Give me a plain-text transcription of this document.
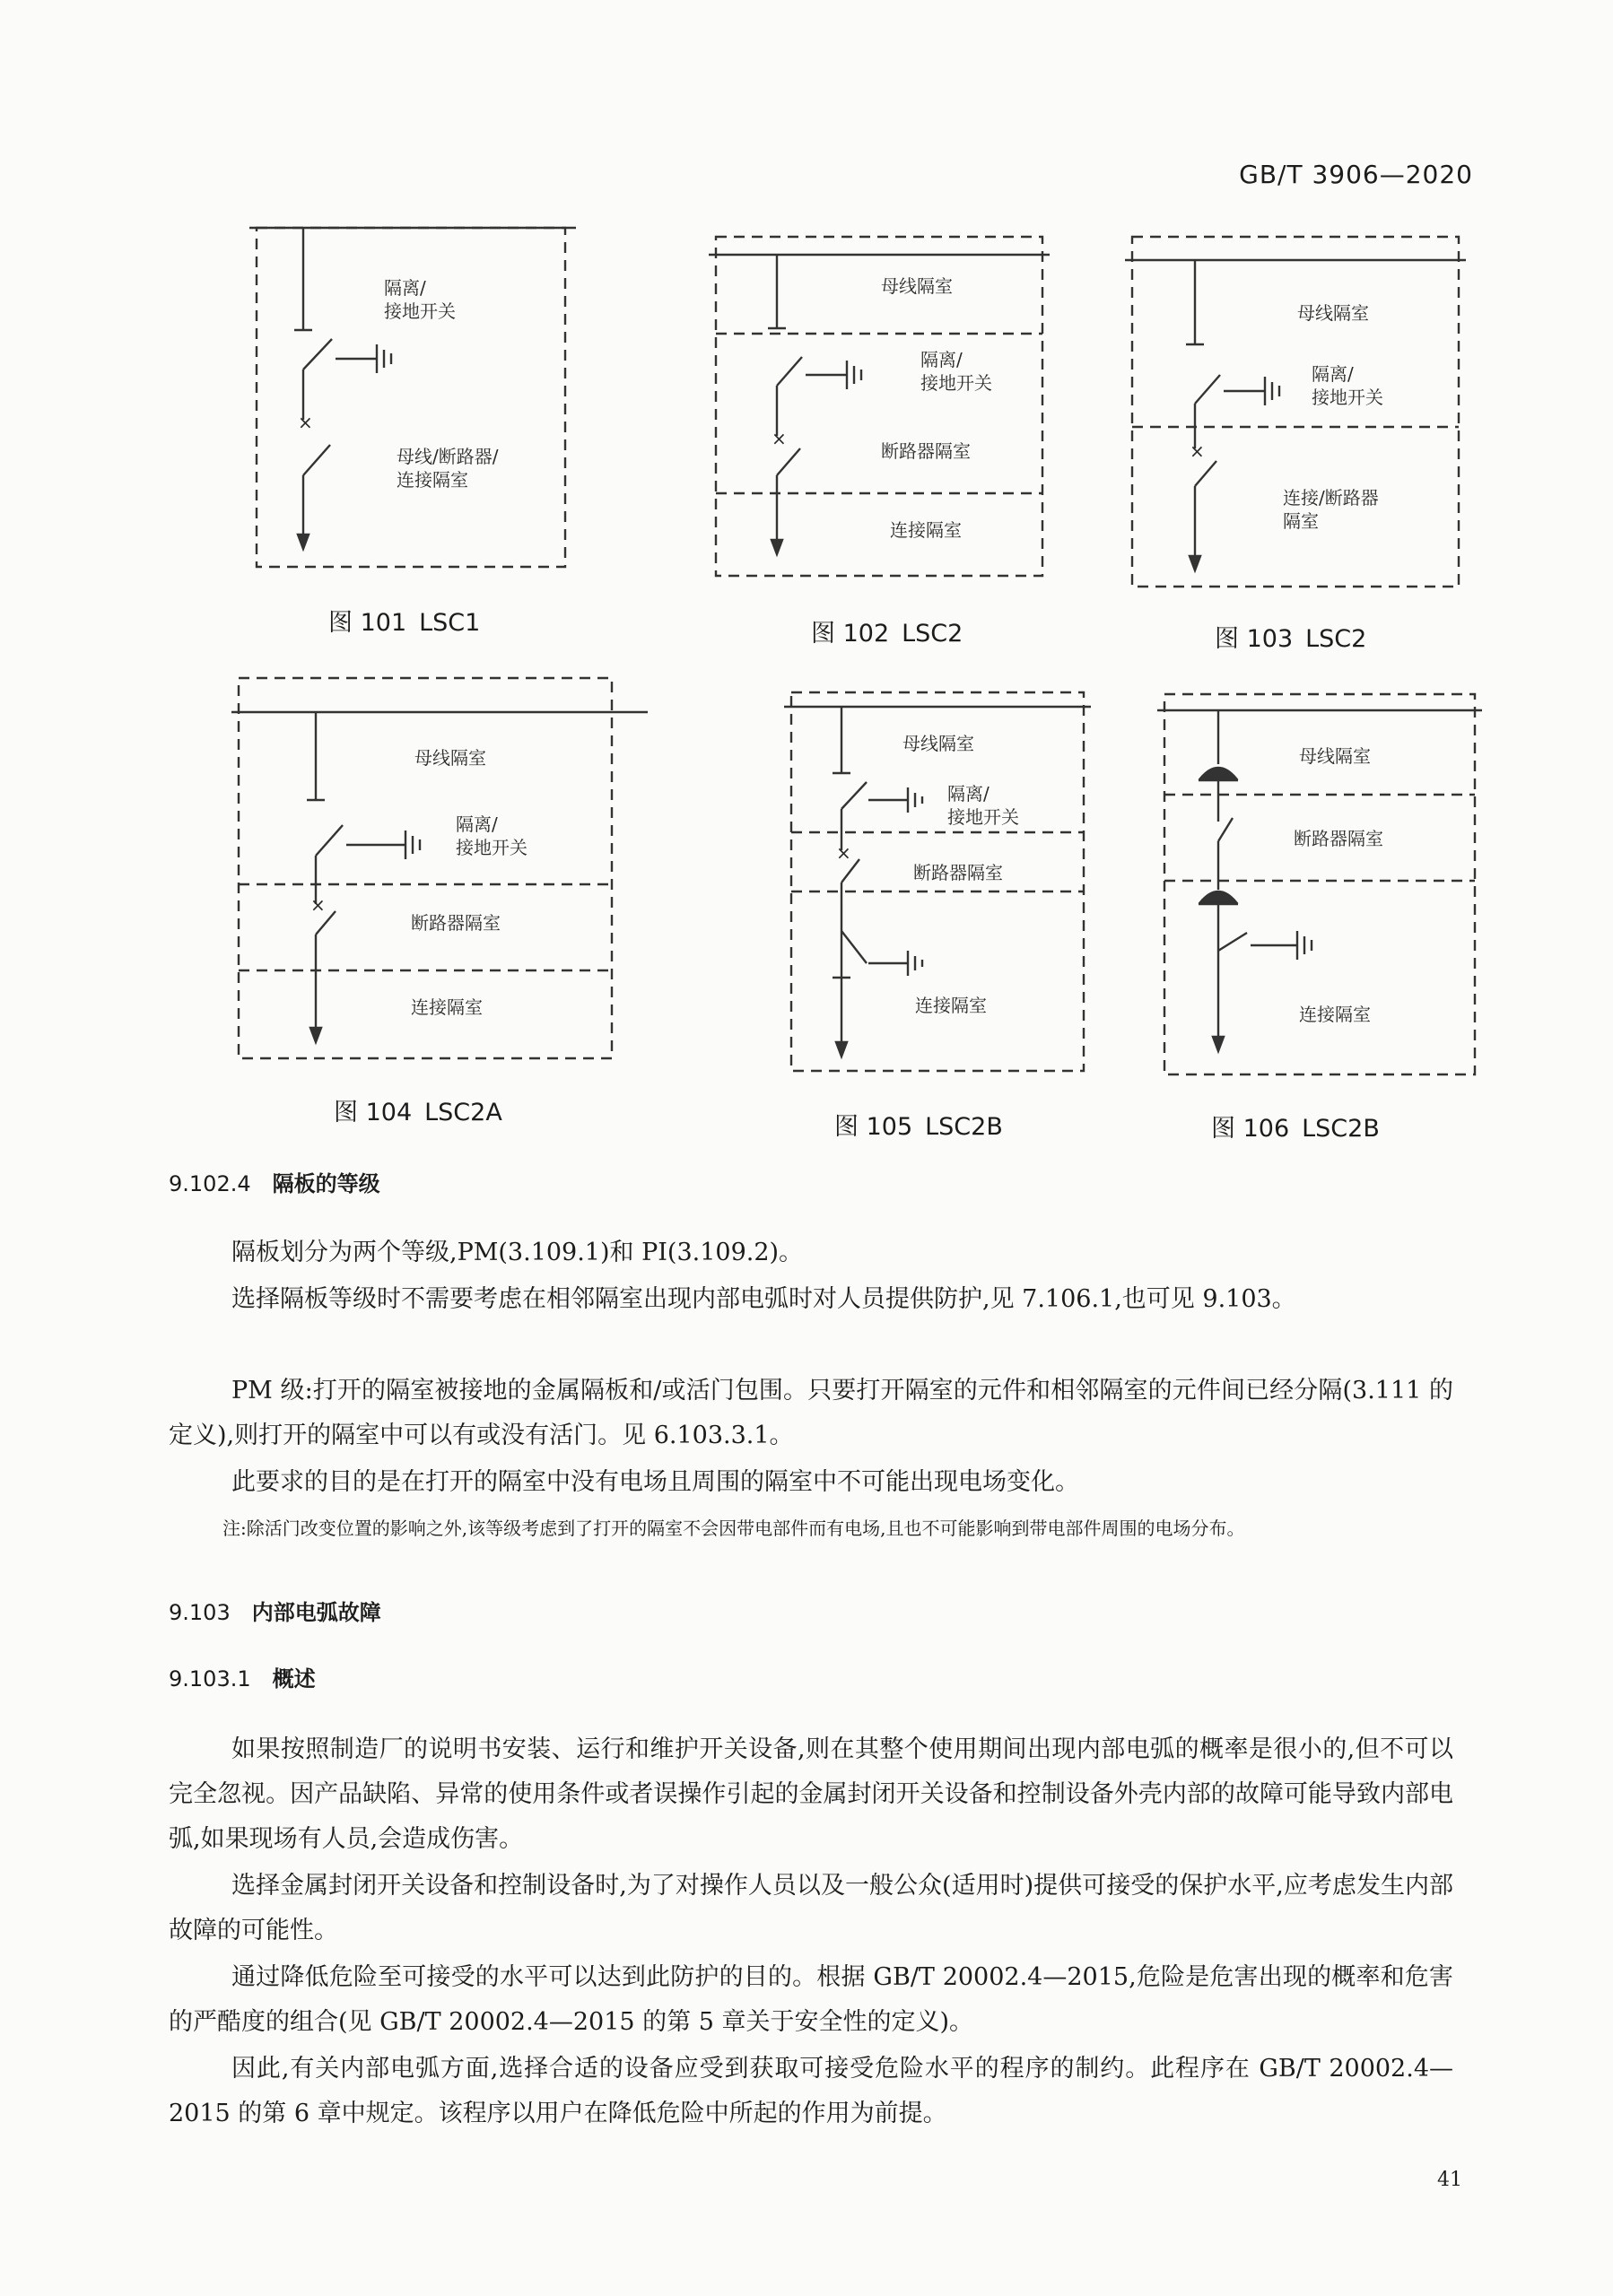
GB/T 3906—2020
×
隔离/
接地开关
母线/断路器/
连接隔室
图 101 LSC1
×
母线隔室
隔离/
接地开关
断路器隔室
连接隔室
图 102 LSC2
×
母线隔室
隔离/
接地开关
连接/断路器
隔室
图 103 LSC2
×
母线隔室
隔离/
接地开关
断路器隔室
连接隔室
图 104 LSC2A
×
母线隔室
隔离/
接地开关
断路器隔室
连接隔室
图 105 LSC2B
母线隔室
断路器隔室
连接隔室
图 106 LSC2B
9.102.4 隔板的等级
隔板划分为两个等级,PM(3.109.1)和 PI(3.109.2)。
选择隔板等级时不需要考虑在相邻隔室出现内部电弧时对人员提供防护,见 7.106.1,也可见 9.103。
PM 级:打开的隔室被接地的金属隔板和/或活门包围。只要打开隔室的元件和相邻隔室的元件间已经分隔(3.111 的定义),则打开的隔室中可以有或没有活门。见 6.103.3.1。
此要求的目的是在打开的隔室中没有电场且周围的隔室中不可能出现电场变化。
注:除活门改变位置的影响之外,该等级考虑到了打开的隔室不会因带电部件而有电场,且也不可能影响到带电部件周围的电场分布。
9.103 内部电弧故障
9.103.1 概述
如果按照制造厂的说明书安装、运行和维护开关设备,则在其整个使用期间出现内部电弧的概率是很小的,但不可以完全忽视。因产品缺陷、异常的使用条件或者误操作引起的金属封闭开关设备和控制设备外壳内部的故障可能导致内部电弧,如果现场有人员,会造成伤害。
选择金属封闭开关设备和控制设备时,为了对操作人员以及一般公众(适用时)提供可接受的保护水平,应考虑发生内部故障的可能性。
通过降低危险至可接受的水平可以达到此防护的目的。根据 GB/T 20002.4—2015,危险是危害出现的概率和危害的严酷度的组合(见 GB/T 20002.4—2015 的第 5 章关于安全性的定义)。
因此,有关内部电弧方面,选择合适的设备应受到获取可接受危险水平的程序的制约。此程序在 GB/T 20002.4—2015 的第 6 章中规定。该程序以用户在降低危险中所起的作用为前提。
41
